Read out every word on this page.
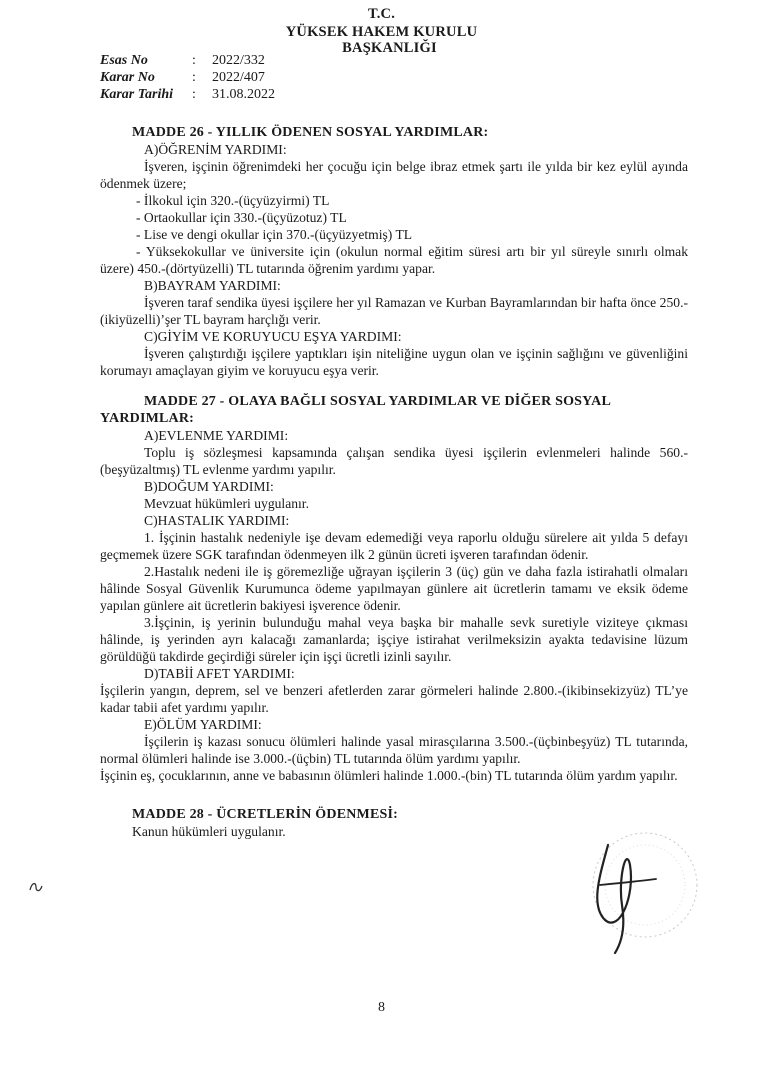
T.C.
YÜKSEK HAKEM KURULU
BAŞKANLIĞI
Esas No	:	2022/332
Karar No	:	2022/407
Karar Tarihi	:	31.08.2022
MADDE 26 - YILLIK ÖDENEN SOSYAL YARDIMLAR:
A)ÖĞRENİM YARDIMI:
İşveren, işçinin öğrenimdeki her çocuğu için belge ibraz etmek şartı ile yılda bir kez eylül ayında ödenmek üzere;
- İlkokul için 320.-(üçyüzyirmi) TL
- Ortaokullar için 330.-(üçyüzotuz) TL
- Lise ve dengi okullar için 370.-(üçyüzyetmiş) TL
- Yüksekokullar ve üniversite için (okulun normal eğitim süresi artı bir yıl süreyle sınırlı olmak üzere) 450.-(dörtyüzelli) TL tutarında öğrenim yardımı yapar.
B)BAYRAM YARDIMI:
İşveren taraf sendika üyesi işçilere her yıl Ramazan ve Kurban Bayramlarından bir hafta önce 250.-(ikiyüzelli)’şer TL bayram harçlığı verir.
C)GİYİM VE KORUYUCU EŞYA YARDIMI:
İşveren çalıştırdığı işçilere yaptıkları işin niteliğine uygun olan ve işçinin sağlığını ve güvenliğini korumayı amaçlayan giyim ve koruyucu eşya verir.
MADDE 27 - OLAYA BAĞLI SOSYAL YARDIMLAR VE DİĞER SOSYAL YARDIMLAR:
A)EVLENME YARDIMI:
Toplu iş sözleşmesi kapsamında çalışan sendika üyesi işçilerin evlenmeleri halinde 560.-(beşyüzaltmış) TL evlenme yardımı yapılır.
B)DOĞUM YARDIMI:
Mevzuat hükümleri uygulanır.
C)HASTALIK YARDIMI:
1. İşçinin hastalık nedeniyle işe devam edemediği veya raporlu olduğu sürelere ait yılda 5 defayı geçmemek üzere SGK tarafından ödenmeyen ilk 2 günün ücreti işveren tarafından ödenir.
2.Hastalık nedeni ile iş göremezliğe uğrayan işçilerin 3 (üç) gün ve daha fazla istirahatli olmaları hâlinde Sosyal Güvenlik Kurumunca ödeme yapılmayan günlere ait ücretlerin tamamı ve eksik ödeme yapılan günlere ait ücretlerin bakiyesi işverence ödenir.
3.İşçinin, iş yerinin bulunduğu mahal veya başka bir mahalle sevk suretiyle viziteye çıkması hâlinde, iş yerinden ayrı kalacağı zamanlarda; işçiye istirahat verilmeksizin ayakta tedavisine lüzum görüldüğü takdirde geçirdiği süreler için işçi ücretli izinli sayılır.
D)TABİİ AFET YARDIMI:
İşçilerin yangın, deprem, sel ve benzeri afetlerden zarar görmeleri halinde 2.800.-(ikibinsekizyüz) TL’ye kadar tabii afet yardımı yapılır.
E)ÖLÜM YARDIMI:
İşçilerin iş kazası sonucu ölümleri halinde yasal mirasçılarına 3.500.-(üçbinbeşyüz) TL tutarında, normal ölümleri halinde ise 3.000.-(üçbin) TL tutarında ölüm yardımı yapılır.
İşçinin eş, çocuklarının, anne ve babasının ölümleri halinde 1.000.-(bin) TL tutarında ölüm yardım yapılır.
MADDE 28 - ÜCRETLERİN ÖDENMESİ:
Kanun hükümleri uygulanır.
8
